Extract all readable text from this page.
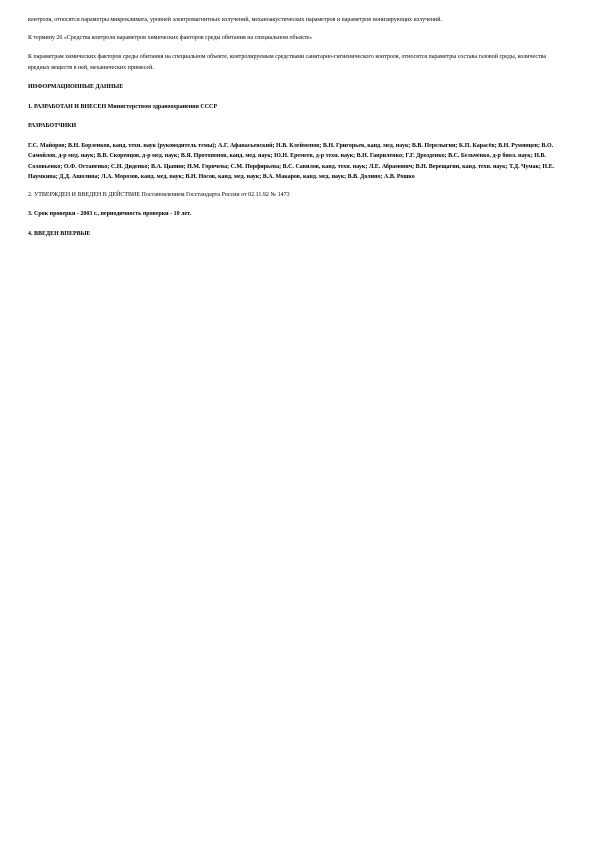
контроля, относятся параметры микроклимата, уровней электромагнитных излучений, механоакустических параметров и параметров ионизирующих излучений.

К термину 26 «Средства контроля параметров химических факторов среды обитания на специальном объекте»

К параметрам химических факторов среды обитания на специальном объекте, контролируемым средствами санитарно-гигиенического контроля, относятся параметры состава газовой среды, количества вредных веществ в ней, механических примесей.

ИНФОРМАЦИОННЫЕ ДАННЫЕ

1. РАЗРАБОТАН И ВНЕСЕН Министерством здравоохранения СССР

РАЗРАБОТЧИКИ

Г.С. Майоров; В.Н. Борзенков, канд. техн. наук (руководитель темы); А.Г. Афанасьевский; Н.В. Клейменов; В.Н. Григорьев, канд. мед. наук; В.В. Перелыгин; К.П. Карасёв; В.Н. Румянцев; В.О. Самойлов, д-р мед. наук; В.В. Скоренцов, д-р мед. наук; В.Я. Протопопов, канд. мед. наук; Ю.Н. Еремеев, д-р техн. наук; В.Н. Гавриленко; Г.Г. Дрозденко; В.С. Бельченко, д-р биол. наук; Н.В. Соловьенко; О.Ф. Остапенко; С.Н. Диденко; В.А. Цыпин; Н.М. Горячева; С.М. Порфирьева; В.С. Савилов, канд. техн. наук; Л.Е. Абрамович; В.Н. Верещагин, канд. техн. наук; Т.Д. Чумак; Н.Е. Наумкина; Д.Д. Ашолина; Л.А. Морозов, канд. мед. наук; В.Н. Носов, канд. мед. наук; В.А. Макаров, канд. мед. наук; В.В. Долино; А.В. Рошко

2. УТВЕРЖДЕН И ВВЕДЕН В ДЕЙСТВИЕ Постановлением Госстандарта России от 02.11.92 № 1473

3. Срок проверки - 2003 г., периодичность проверки - 10 лет.

4. ВВЕДЕН ВПЕРВЫЕ
